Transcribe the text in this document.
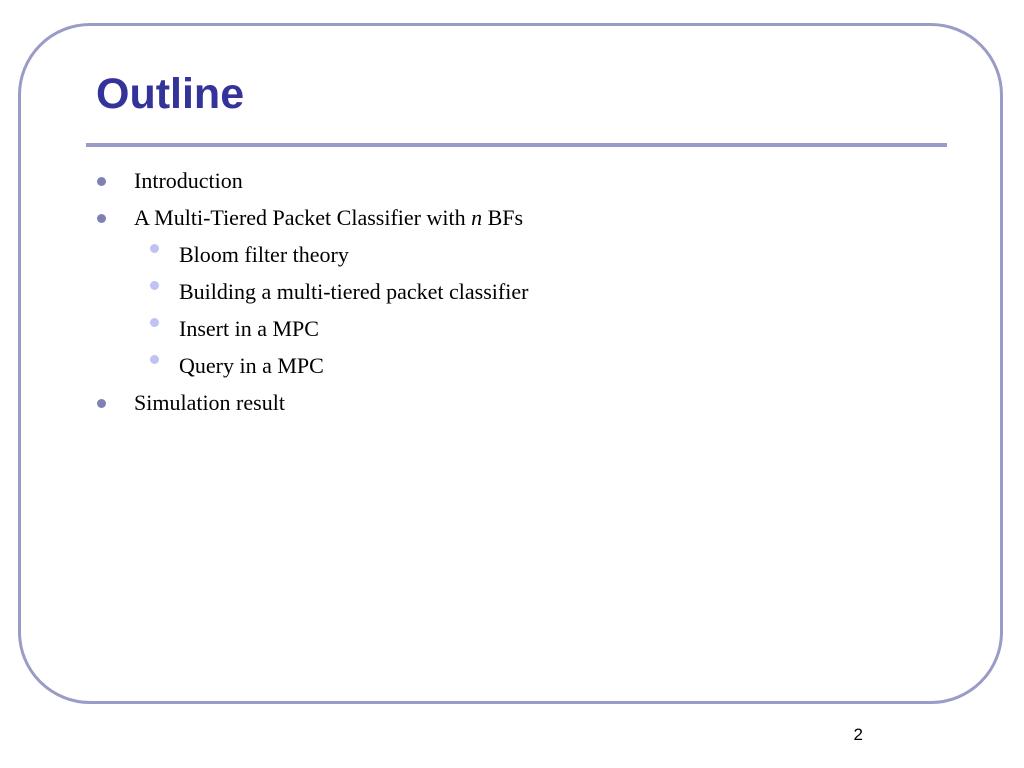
Outline
Introduction
A Multi-Tiered Packet Classifier with n BFs
Bloom filter theory
Building a multi-tiered packet classifier
Insert in a MPC
Query in a MPC
Simulation result
2
